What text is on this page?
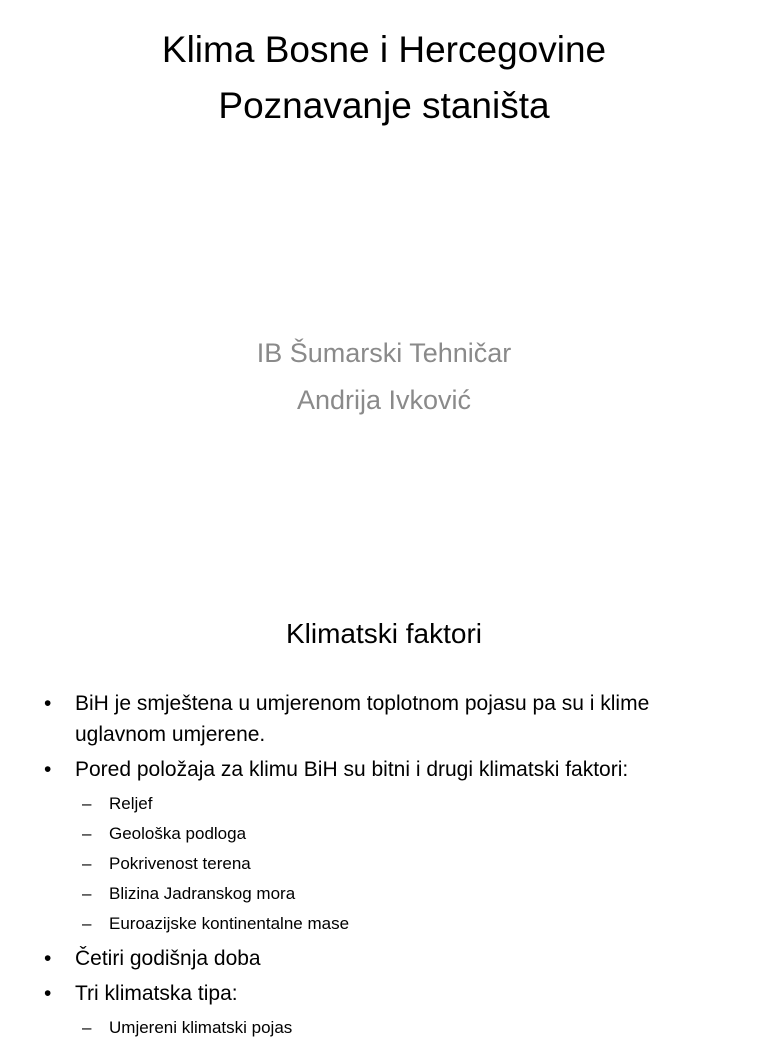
Klima Bosne i Hercegovine
Poznavanje staništa
IB Šumarski Tehničar
Andrija Ivković
Klimatski faktori
• BiH je smještena u umjerenom toplotnom pojasu pa su i klime uglavnom umjerene.
• Pored položaja za klimu BiH su bitni i drugi klimatski faktori:
– Reljef
– Geološka podloga
– Pokrivenost terena
– Blizina Jadranskog mora
– Euroazijske kontinentalne mase
• Četiri godišnja doba
• Tri klimatska tipa:
– Umjereni klimatski pojas
